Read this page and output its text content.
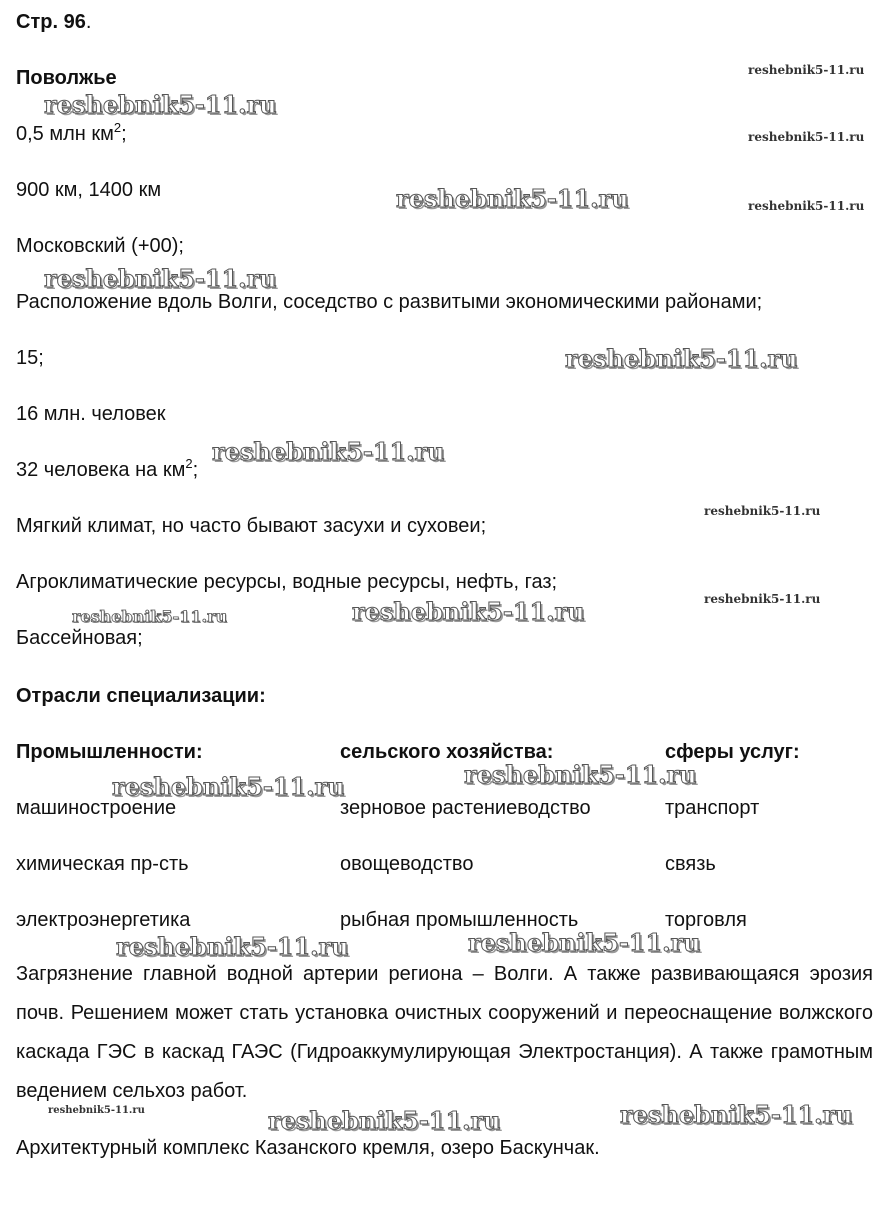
Стр. 96.
Поволжье
0,5 млн $км^2$;
900 км, 1400 км
Московский (+00);
Расположение вдоль Волги, соседство с развитыми экономическими районами;
15;
16 млн. человек
32 человека на $км^2$;
Мягкий климат, но часто бывают засухи и суховеи;
Агроклиматические ресурсы, водные ресурсы, нефть, газ;
Бассейновая;
Отрасли специализации:
Промышленности:	сельского хозяйства:	сферы услуг:
машиностроение	зерновое растениеводство	транспорт
химическая пр-сть	овощеводство	связь
электроэнергетика	рыбная промышленность	торговля

Загрязнение главной водной артерии региона – Волги. А также развивающаяся эрозия почв. Решением может стать установка очистных сооружений и переоснащение волжского каскада ГЭС в каскад ГАЭС (Гидроаккумулирующая Электростанция). А также грамотным ведением сельхоз работ.

Архитектурный комплекс Казанского кремля, озеро Баскунчак.
reshebnik5-11.ru
reshebnik5-11.ru
reshebnik5-11.ru
reshebnik5-11.ru	reshebnik5-11.ru
reshebnik5-11.ru
reshebnik5-11.ru
reshebnik5-11.ru
reshebnik5-11.ru
reshebnik5-11.ru
reshebnik5-11.ru
reshebnik5-11.ru
reshebnik5-11.ru
reshebnik5-11.ru
reshebnik5-11.ru
reshebnik5-11.ru
reshebnik5-11.ru	reshebnik5-11.ru
reshebnik5-11.ru
